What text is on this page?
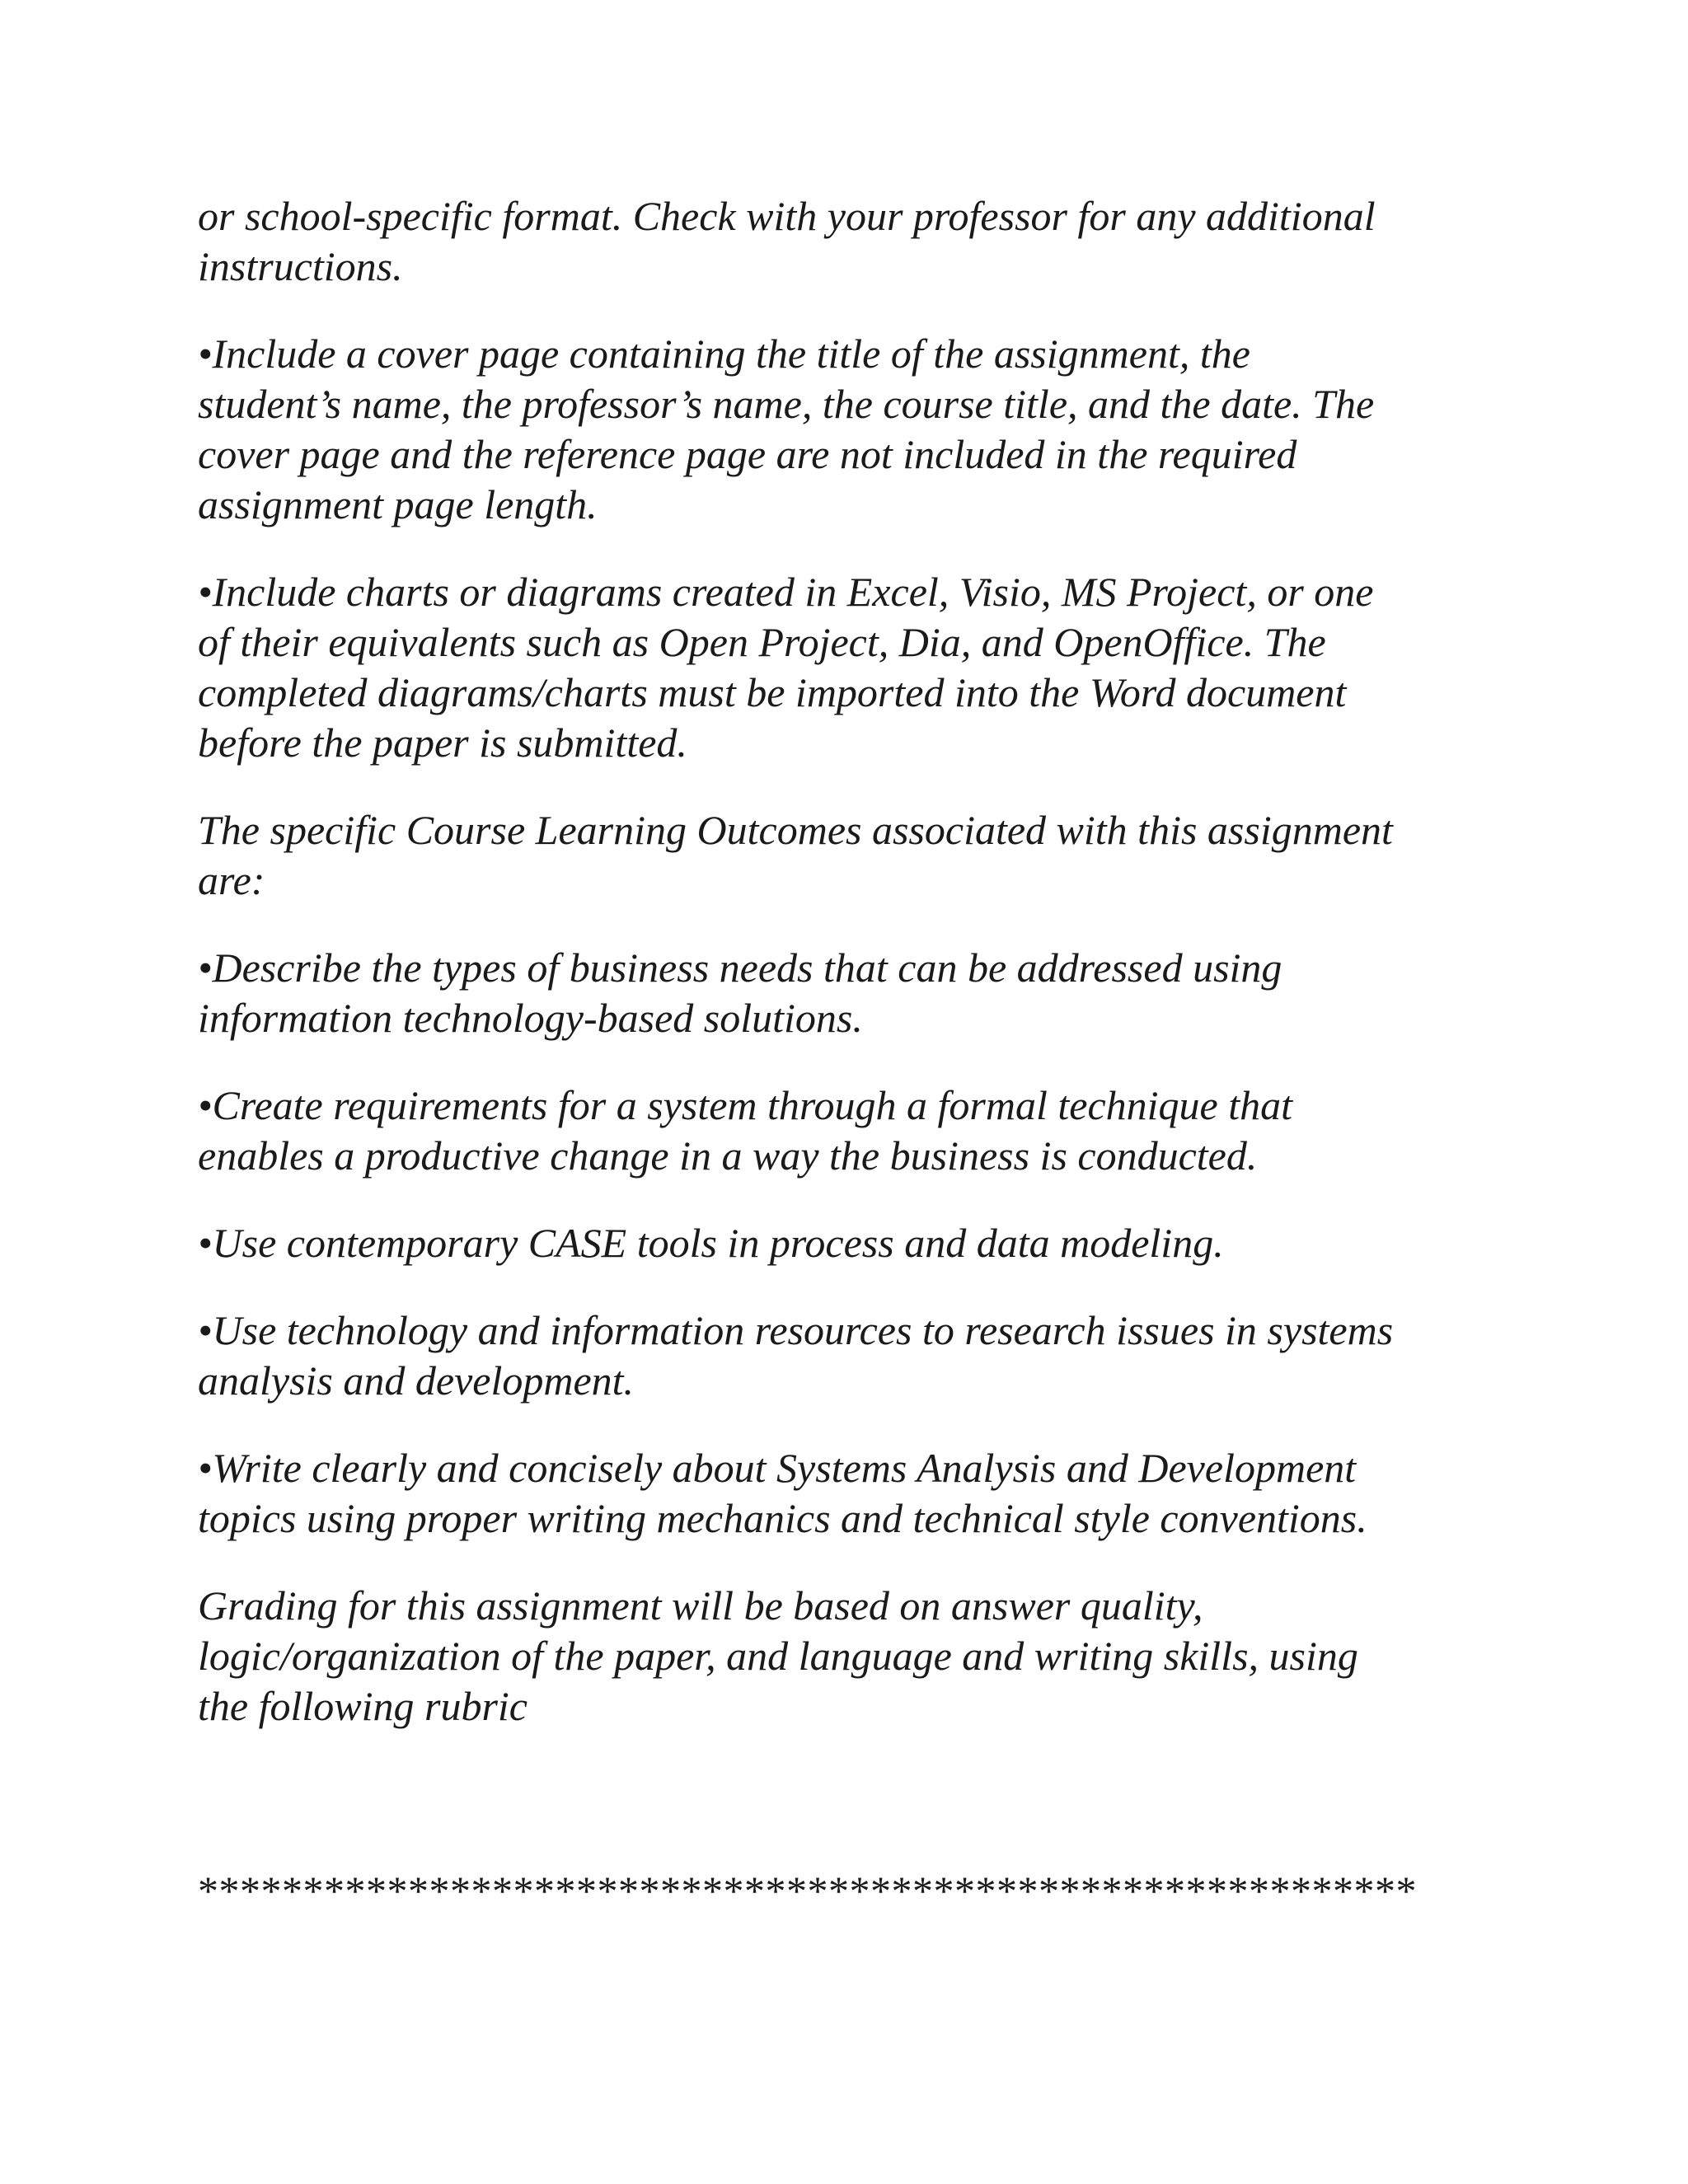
or school-specific format. Check with your professor for any additional
instructions.

•Include a cover page containing the title of the assignment, the
student’s name, the professor’s name, the course title, and the date. The
cover page and the reference page are not included in the required
assignment page length.

•Include charts or diagrams created in Excel, Visio, MS Project, or one
of their equivalents such as Open Project, Dia, and OpenOffice. The
completed diagrams/charts must be imported into the Word document
before the paper is submitted.

The specific Course Learning Outcomes associated with this assignment
are:

•Describe the types of business needs that can be addressed using
information technology-based solutions.

•Create requirements for a system through a formal technique that
enables a productive change in a way the business is conducted.

•Use contemporary CASE tools in process and data modeling.

•Use technology and information resources to research issues in systems
analysis and development.

•Write clearly and concisely about Systems Analysis and Development
topics using proper writing mechanics and technical style conventions.

Grading for this assignment will be based on answer quality,
logic/organization of the paper, and language and writing skills, using
the following rubric

**********************************************************
